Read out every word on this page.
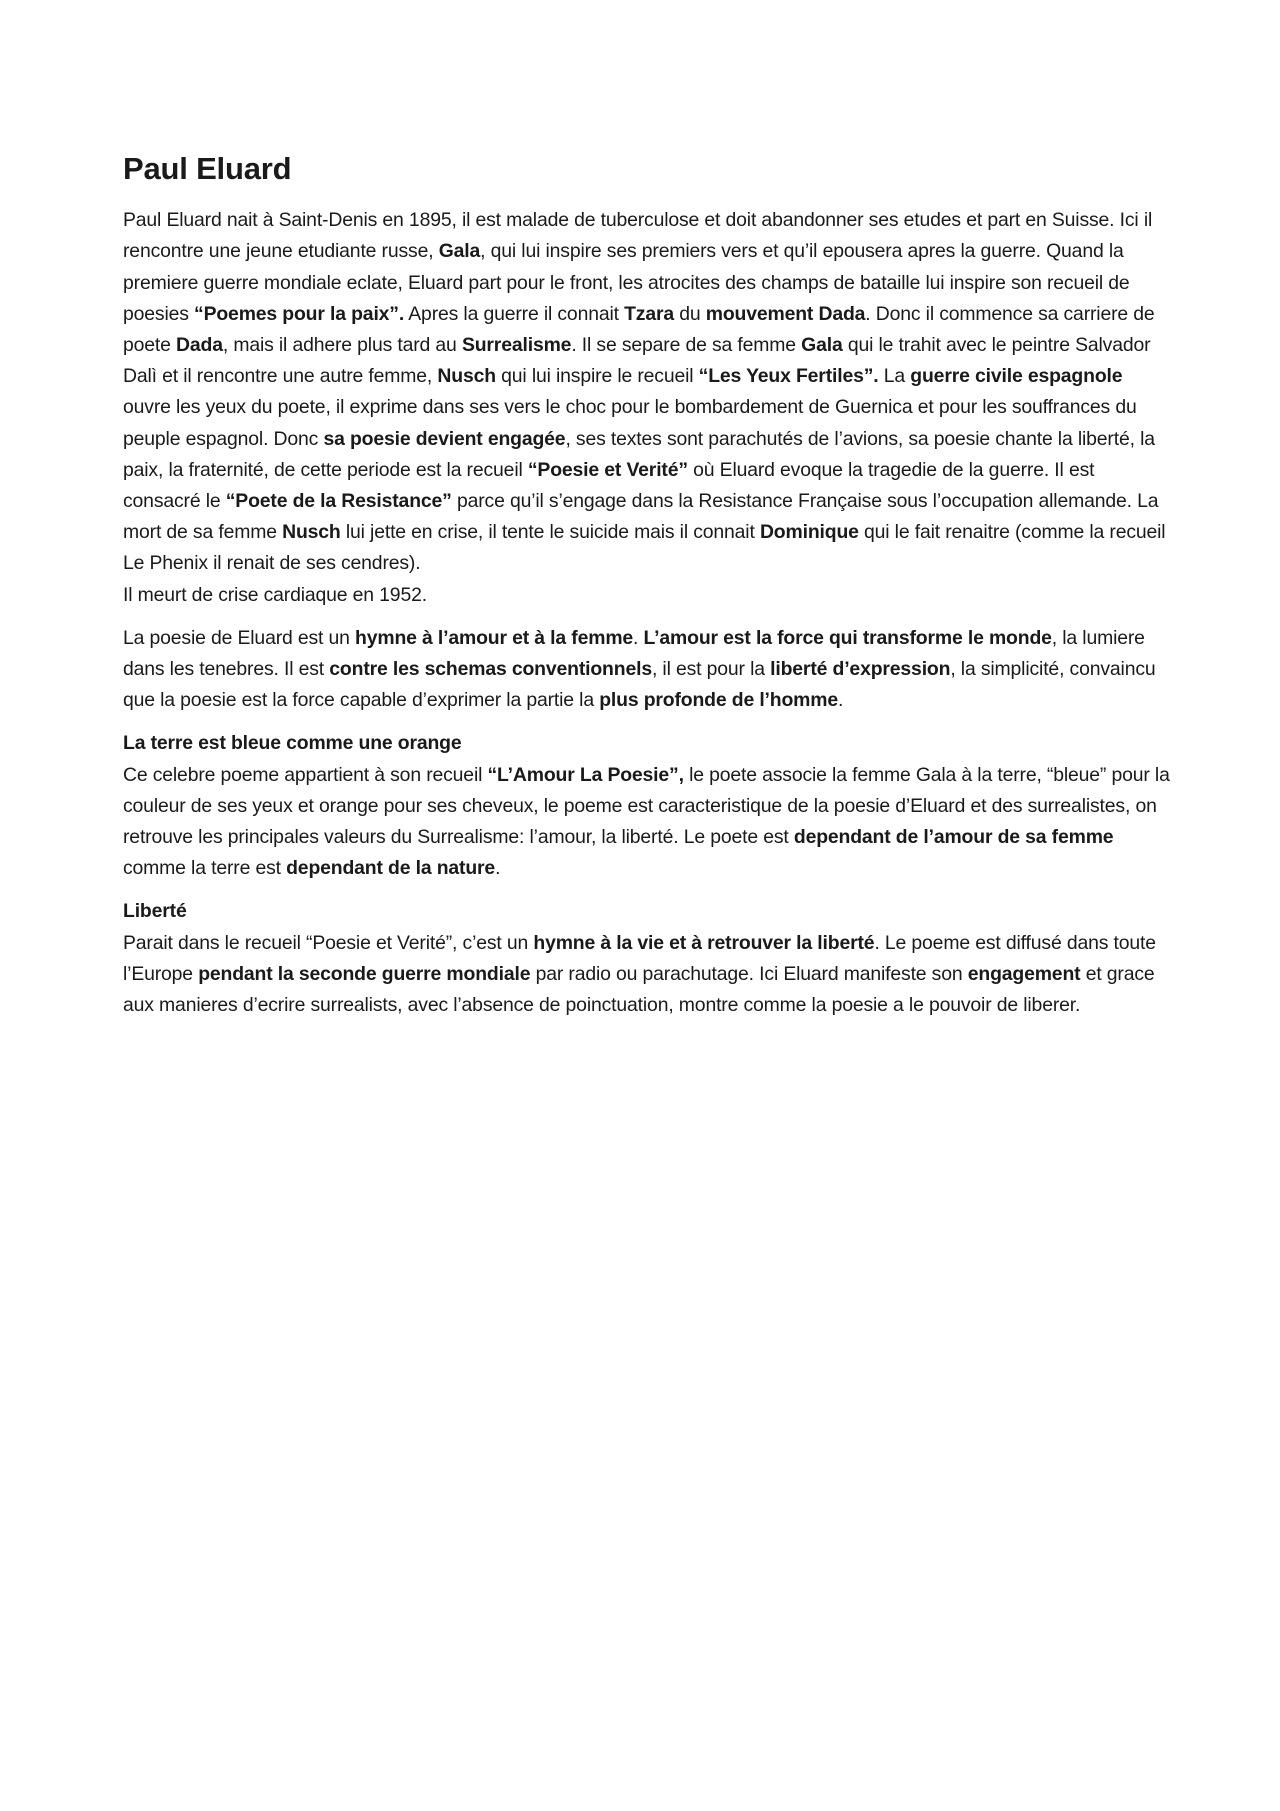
Paul Eluard

Paul Eluard nait à Saint-Denis en 1895, il est malade de tuberculose et doit abandonner ses etudes et part en Suisse. Ici il rencontre une jeune etudiante russe, Gala, qui lui inspire ses premiers vers et qu’il epousera apres la guerre. Quand la premiere guerre mondiale eclate, Eluard part pour le front, les atrocites des champs de bataille lui inspire son recueil de poesies “Poemes pour la paix”. Apres la guerre il connait Tzara du mouvement Dada. Donc il commence sa carriere de poete Dada, mais il adhere plus tard au Surrealisme. Il se separe de sa femme Gala qui le trahit avec le peintre Salvador Dalì et il rencontre une autre femme, Nusch qui lui inspire le recueil “Les Yeux Fertiles”. La guerre civile espagnole ouvre les yeux du poete, il exprime dans ses vers le choc pour le bombardement de Guernica et pour les souffrances du peuple espagnol. Donc sa poesie devient engagée, ses textes sont parachutés de l’avions, sa poesie chante la liberté, la paix, la fraternité, de cette periode est la recueil “Poesie et Verité” où Eluard evoque la tragedie de la guerre. Il est consacré le “Poete de la Resistance” parce qu’il s’engage dans la Resistance Française sous l’occupation allemande. La mort de sa femme Nusch lui jette en crise, il tente le suicide mais il connait Dominique qui le fait renaitre (comme la recueil Le Phenix il renait de ses cendres).
Il meurt de crise cardiaque en 1952.

La poesie de Eluard est un hymne à l’amour et à la femme. L’amour est la force qui transforme le monde, la lumiere dans les tenebres. Il est contre les schemas conventionnels, il est pour la liberté d’expression, la simplicité, convaincu que la poesie est la force capable d’exprimer la partie la plus profonde de l’homme.

La terre est bleue comme une orange
Ce celebre poeme appartient à son recueil “L’Amour La Poesie”, le poete associe la femme Gala à la terre, “bleue” pour la couleur de ses yeux et orange pour ses cheveux, le poeme est caracteristique de la poesie d’Eluard et des surrealistes, on retrouve les principales valeurs du Surrealisme: l’amour, la liberté. Le poete est dependant de l’amour de sa femme comme la terre est dependant de la nature.

Liberté
Parait dans le recueil “Poesie et Verité”, c’est un hymne à la vie et à retrouver la liberté. Le poeme est diffusé dans toute l’Europe pendant la seconde guerre mondiale par radio ou parachutage. Ici Eluard manifeste son engagement et grace aux manieres d’ecrire surrealists, avec l’absence de poinctuation, montre comme la poesie a le pouvoir de liberer.
